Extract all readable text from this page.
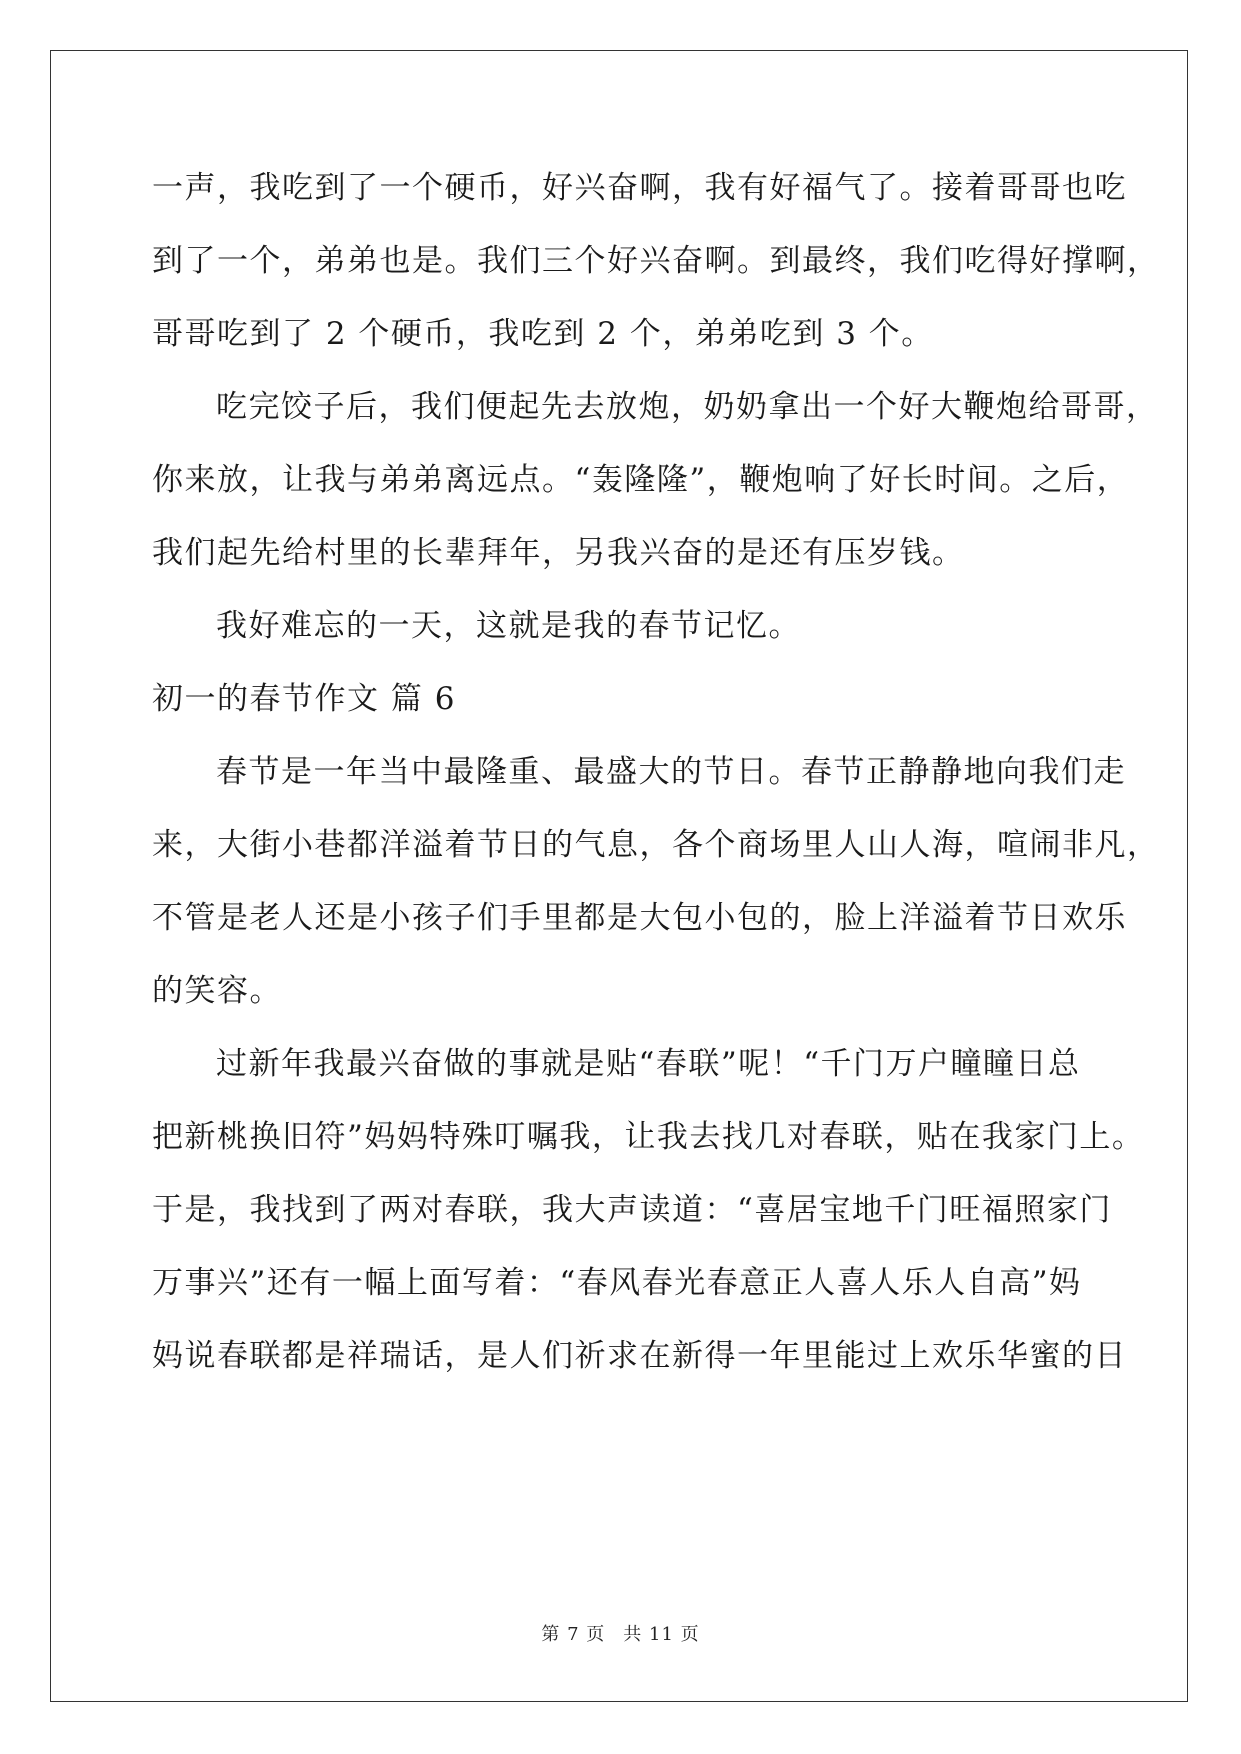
一声，我吃到了一个硬币，好兴奋啊，我有好福气了。接着哥哥也吃
到了一个，弟弟也是。我们三个好兴奋啊。到最终，我们吃得好撑啊，
哥哥吃到了 2 个硬币，我吃到 2 个，弟弟吃到 3 个。
吃完饺子后，我们便起先去放炮，奶奶拿出一个好大鞭炮给哥哥，
你来放，让我与弟弟离远点。“轰隆隆”，鞭炮响了好长时间。之后，
我们起先给村里的长辈拜年，另我兴奋的是还有压岁钱。
我好难忘的一天，这就是我的春节记忆。
初一的春节作文 篇 6
春节是一年当中最隆重、最盛大的节日。春节正静静地向我们走
来，大街小巷都洋溢着节日的气息，各个商场里人山人海，喧闹非凡，
不管是老人还是小孩子们手里都是大包小包的，脸上洋溢着节日欢乐
的笑容。
过新年我最兴奋做的事就是贴“春联”呢！“千门万户瞳瞳日总
把新桃换旧符”妈妈特殊叮嘱我，让我去找几对春联，贴在我家门上。
于是，我找到了两对春联，我大声读道：“喜居宝地千门旺福照家门
万事兴”还有一幅上面写着：“春风春光春意正人喜人乐人自高”妈
妈说春联都是祥瑞话，是人们祈求在新得一年里能过上欢乐华蜜的日
第 7 页 共 11 页
